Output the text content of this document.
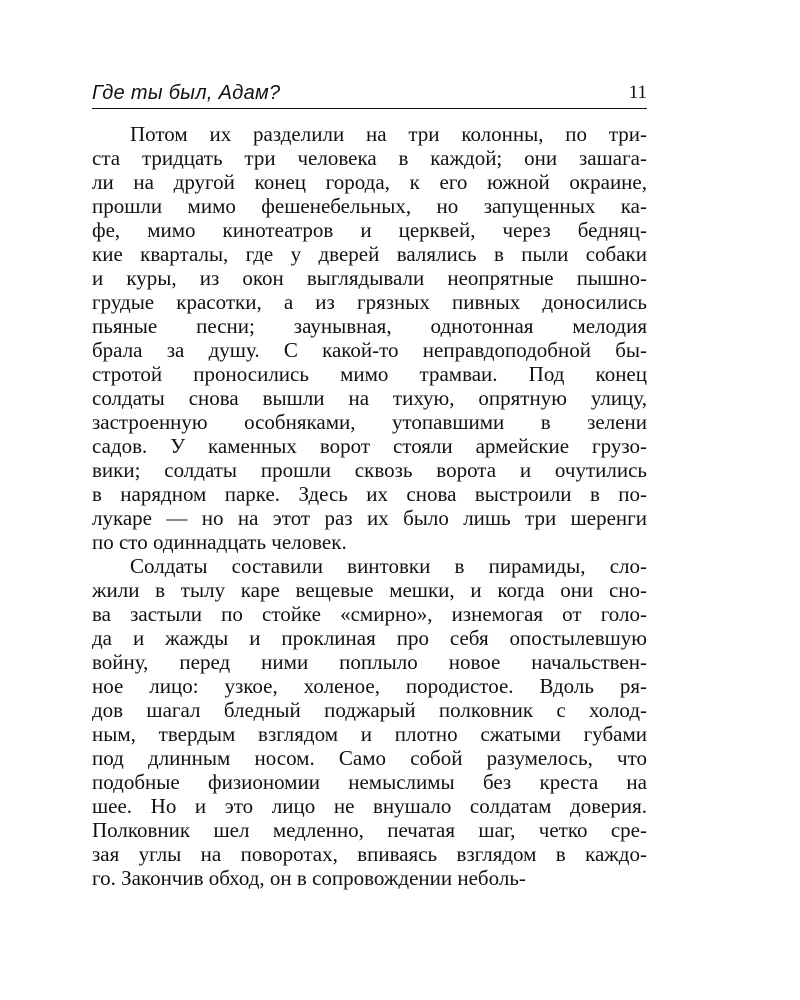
Где ты был, Адам?	11
Потом их разделили на три колонны, по три-
ста тридцать три человека в каждой; они зашага-
ли на другой конец города, к его южной окраине,
прошли мимо фешенебельных, но запущенных ка-
фе, мимо кинотеатров и церквей, через бедняц-
кие кварталы, где у дверей валялись в пыли собаки
и куры, из окон выглядывали неопрятные пышно-
грудые красотки, а из грязных пивных доносились
пьяные песни; заунывная, однотонная мелодия
брала за душу. С какой-то неправдоподобной бы-
стротой проносились мимо трамваи. Под конец
солдаты снова вышли на тихую, опрятную улицу,
застроенную особняками, утопавшими в зелени
садов. У каменных ворот стояли армейские грузо-
вики; солдаты прошли сквозь ворота и очутились
в нарядном парке. Здесь их снова выстроили в по-
лукаре — но на этот раз их было лишь три шеренги
по сто одиннадцать человек.
Солдаты составили винтовки в пирамиды, сло-
жили в тылу каре вещевые мешки, и когда они сно-
ва застыли по стойке «смирно», изнемогая от голо-
да и жажды и проклиная про себя опостылевшую
войну, перед ними поплыло новое начальствен-
ное лицо: узкое, холеное, породистое. Вдоль ря-
дов шагал бледный поджарый полковник с холод-
ным, твердым взглядом и плотно сжатыми губами
под длинным носом. Само собой разумелось, что
подобные физиономии немыслимы без креста на
шее. Но и это лицо не внушало солдатам доверия.
Полковник шел медленно, печатая шаг, четко сре-
зая углы на поворотах, впиваясь взглядом в каждо-
го. Закончив обход, он в сопровождении неболь-
